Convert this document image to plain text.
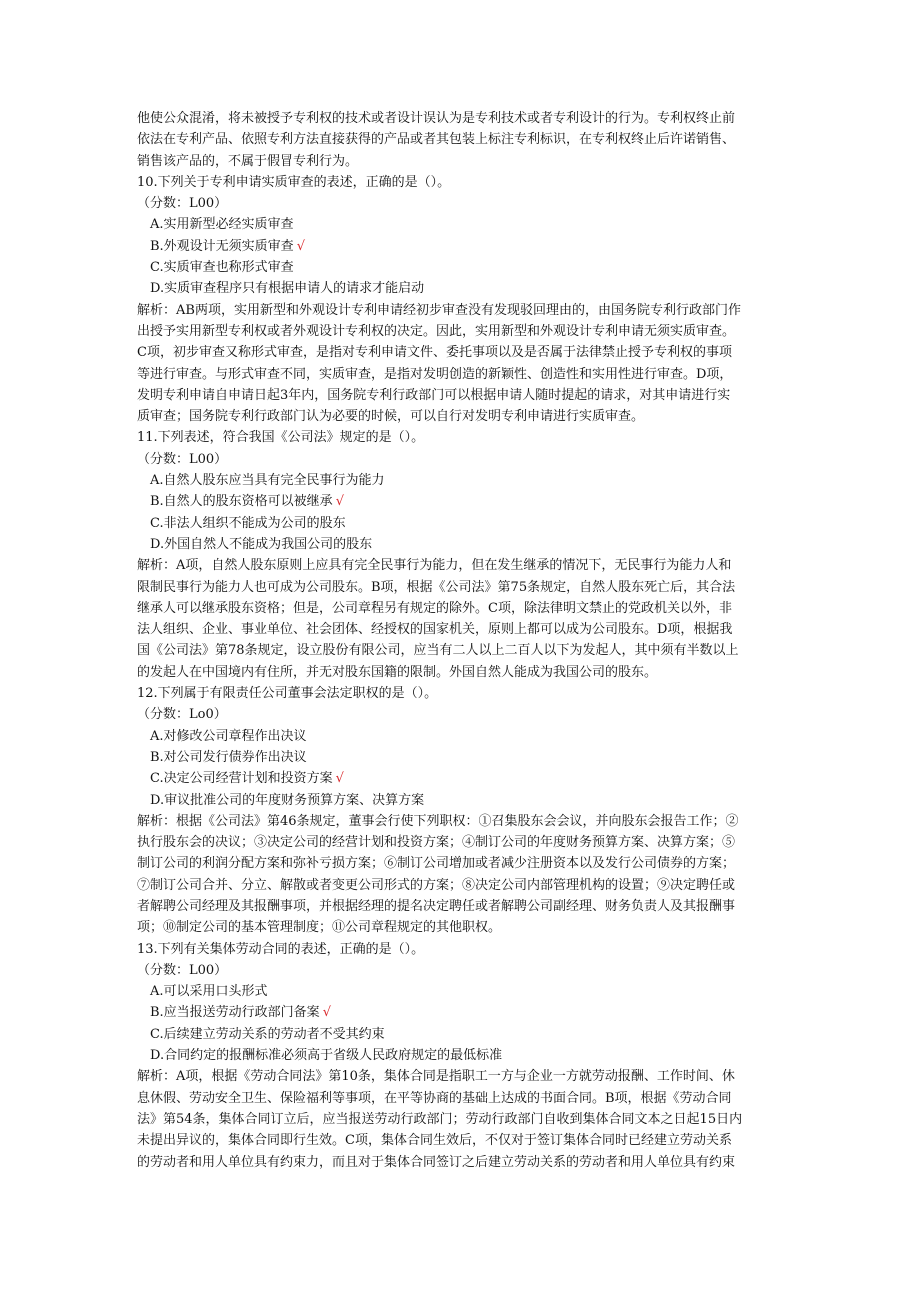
他使公众混淆，将未被授予专利权的技术或者设计误认为是专利技术或者专利设计的行为。专利权终止前
依法在专利产品、依照专利方法直接获得的产品或者其包装上标注专利标识，在专利权终止后许诺销售、
销售该产品的，不属于假冒专利行为。
10.下列关于专利申请实质审查的表述，正确的是（）。
（分数：L00）
A.实用新型必经实质审查
B.外观设计无须实质审查 √
C.实质审查也称形式审查
D.实质审查程序只有根据申请人的请求才能启动
解析：AB两项，实用新型和外观设计专利申请经初步审查没有发现驳回理由的，由国务院专利行政部门作
出授予实用新型专利权或者外观设计专利权的决定。因此，实用新型和外观设计专利申请无须实质审查。
C项，初步审查又称形式审查，是指对专利申请文件、委托事项以及是否属于法律禁止授予专利权的事项
等进行审查。与形式审查不同，实质审查，是指对发明创造的新颖性、创造性和实用性进行审查。D项，
发明专利申请自申请日起3年内，国务院专利行政部门可以根据申请人随时提起的请求，对其申请进行实
质审查；国务院专利行政部门认为必要的时候，可以自行对发明专利申请进行实质审查。
11.下列表述，符合我国《公司法》规定的是（）。
（分数：L00）
A.自然人股东应当具有完全民事行为能力
B.自然人的股东资格可以被继承 √
C.非法人组织不能成为公司的股东
D.外国自然人不能成为我国公司的股东
解析：A项，自然人股东原则上应具有完全民事行为能力，但在发生继承的情况下，无民事行为能力人和
限制民事行为能力人也可成为公司股东。B项，根据《公司法》第75条规定，自然人股东死亡后，其合法
继承人可以继承股东资格；但是，公司章程另有规定的除外。C项，除法律明文禁止的党政机关以外，非
法人组织、企业、事业单位、社会团体、经授权的国家机关，原则上都可以成为公司股东。D项，根据我
国《公司法》第78条规定，设立股份有限公司，应当有二人以上二百人以下为发起人，其中须有半数以上
的发起人在中国境内有住所，并无对股东国籍的限制。外国自然人能成为我国公司的股东。
12.下列属于有限责任公司董事会法定职权的是（）。
（分数：Lo0）
A.对修改公司章程作出决议
B.对公司发行债券作出决议
C.决定公司经营计划和投资方案 √
D.审议批准公司的年度财务预算方案、决算方案
解析：根据《公司法》第46条规定，董事会行使下列职权：①召集股东会会议，并向股东会报告工作；②
执行股东会的决议；③决定公司的经营计划和投资方案；④制订公司的年度财务预算方案、决算方案；⑤
制订公司的利润分配方案和弥补亏损方案；⑥制订公司增加或者减少注册资本以及发行公司债券的方案；
⑦制订公司合并、分立、解散或者变更公司形式的方案；⑧决定公司内部管理机构的设置；⑨决定聘任或
者解聘公司经理及其报酬事项，并根据经理的提名决定聘任或者解聘公司副经理、财务负责人及其报酬事
项；⑩制定公司的基本管理制度；⑪公司章程规定的其他职权。
13.下列有关集体劳动合同的表述，正确的是（）。
（分数：L00）
A.可以采用口头形式
B.应当报送劳动行政部门备案 √
C.后续建立劳动关系的劳动者不受其约束
D.合同约定的报酬标准必须高于省级人民政府规定的最低标准
解析：A项，根据《劳动合同法》第10条，集体合同是指职工一方与企业一方就劳动报酬、工作时间、休
息休假、劳动安全卫生、保险福利等事项，在平等协商的基础上达成的书面合同。B项，根据《劳动合同
法》第54条，集体合同订立后，应当报送劳动行政部门；劳动行政部门自收到集体合同文本之日起15日内
未提出异议的，集体合同即行生效。C项，集体合同生效后，不仅对于签订集体合同时已经建立劳动关系
的劳动者和用人单位具有约束力，而且对于集体合同签订之后建立劳动关系的劳动者和用人单位具有约束
